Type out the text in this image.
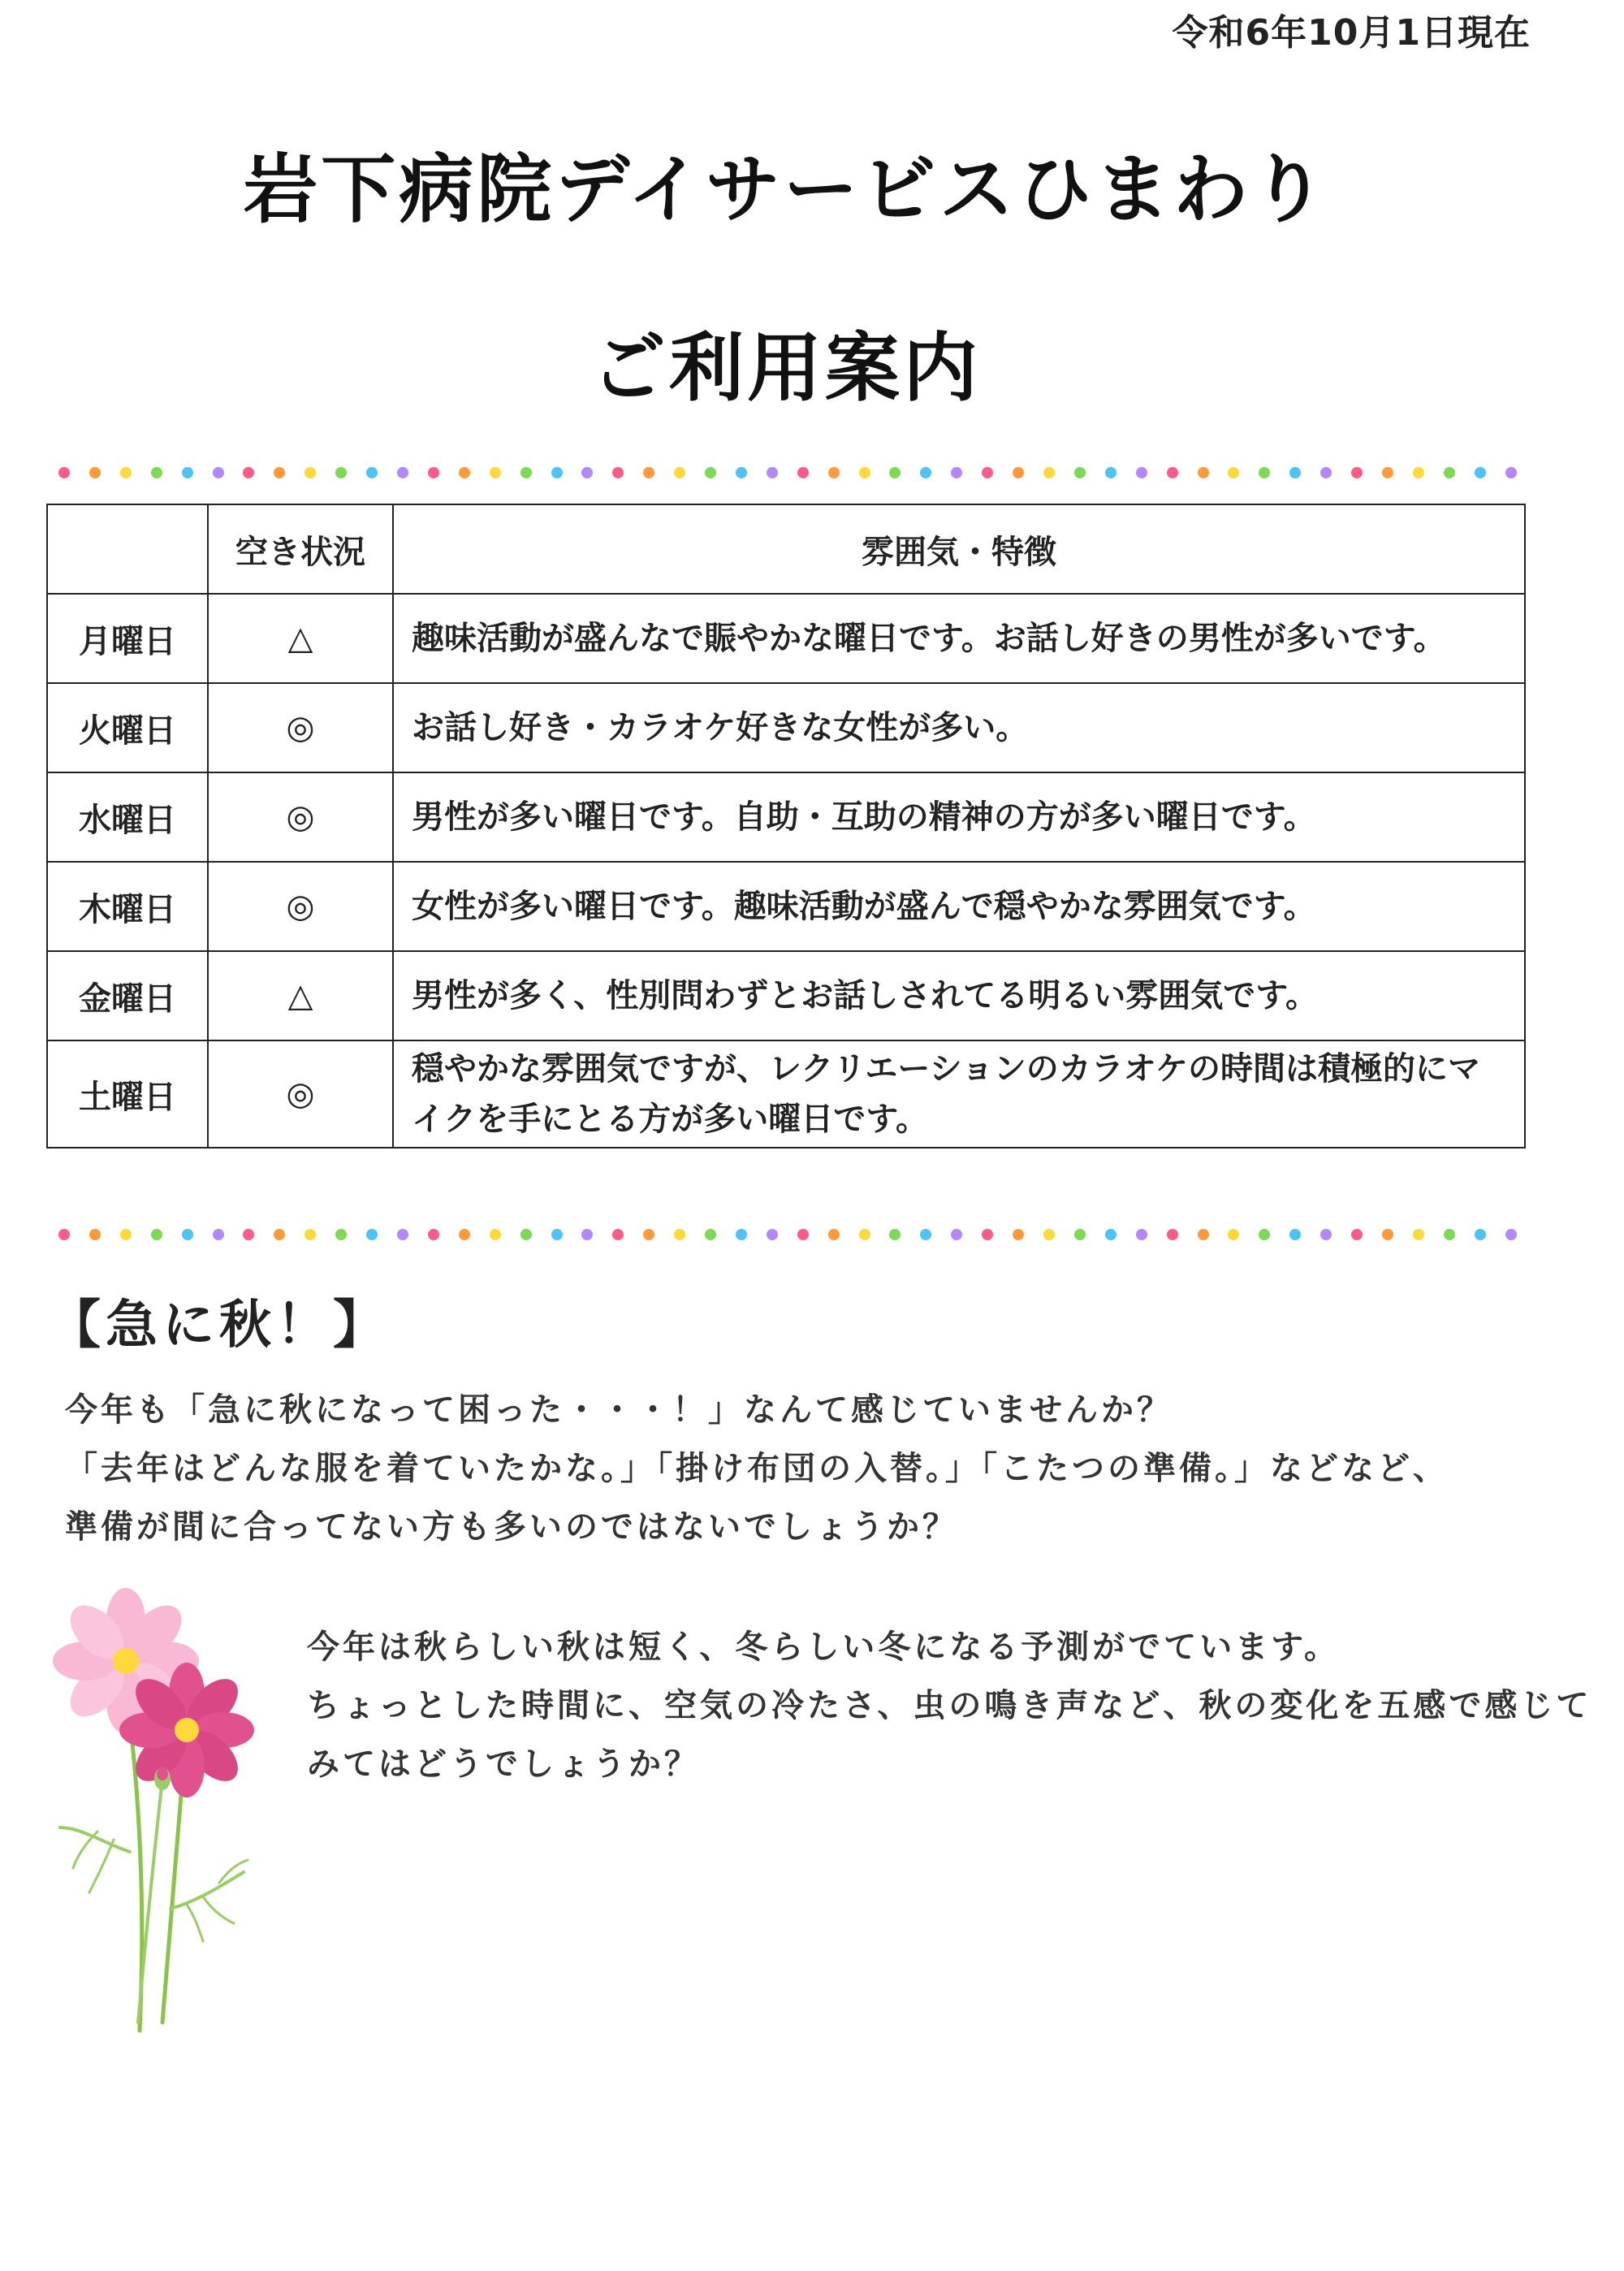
令和6年10月1日現在
岩下病院デイサービスひまわり
ご利用案内
	空き状況	雰囲気・特徴
月曜日	△	趣味活動が盛んなで賑やかな曜日です。お話し好きの男性が多いです。
火曜日	◎	お話し好き・カラオケ好きな女性が多い。
水曜日	◎	男性が多い曜日です。自助・互助の精神の方が多い曜日です。
木曜日	◎	女性が多い曜日です。趣味活動が盛んで穏やかな雰囲気です。
金曜日	△	男性が多く、性別問わずとお話しされてる明るい雰囲気です。
土曜日	◎	穏やかな雰囲気ですが、レクリエーションのカラオケの時間は積極的にマイクを手にとる方が多い曜日です。
【急に秋！】
今年も「急に秋になって困った・・・！」なんて感じていませんか？
「去年はどんな服を着ていたかな。」「掛け布団の入替。」「こたつの準備。」などなど、
準備が間に合ってない方も多いのではないでしょうか？
今年は秋らしい秋は短く、冬らしい冬になる予測がでています。
ちょっとした時間に、空気の冷たさ、虫の鳴き声など、秋の変化を五感で感じて
みてはどうでしょうか？
